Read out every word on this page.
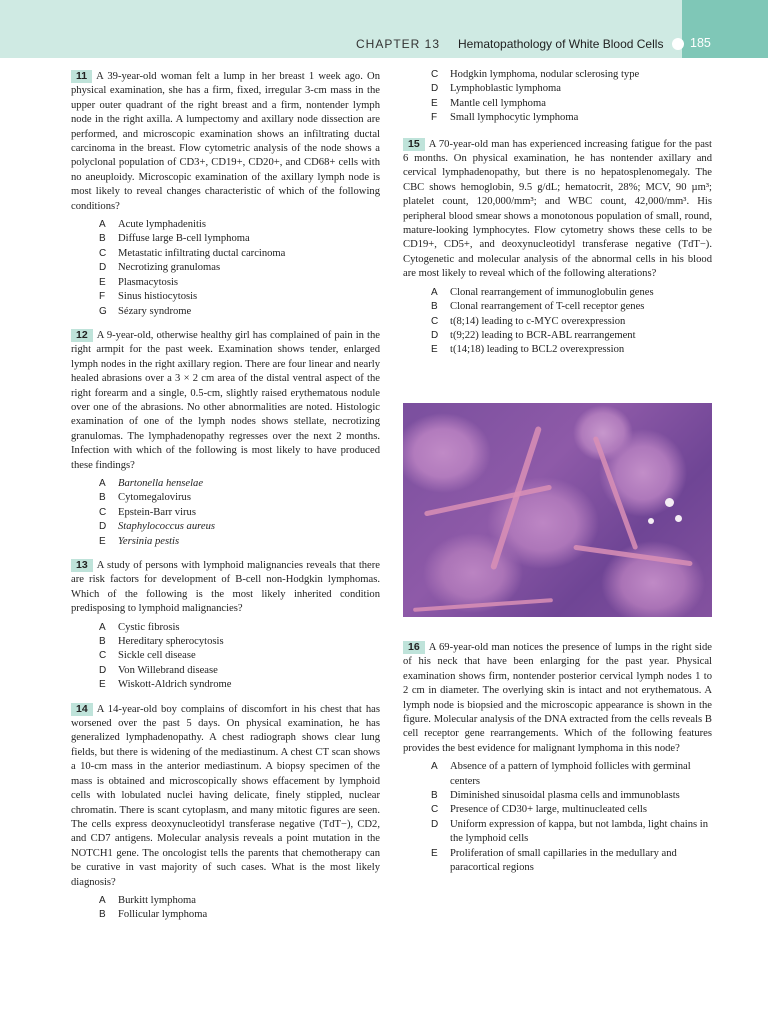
CHAPTER 13 Hematopathology of White Blood Cells 185

11 A 39-year-old woman felt a lump in her breast 1 week ago. On physical examination, she has a firm, fixed, irregular 3-cm mass in the upper outer quadrant of the right breast and a firm, nontender lymph node in the right axilla. A lumpectomy and axillary node dissection are performed, and microscopic examination shows an infiltrating ductal carcinoma in the breast. Flow cytometric analysis of the node shows a polyclonal population of CD3+, CD19+, CD20+, and CD68+ cells with no aneuploidy. Microscopic examination of the axillary lymph node is most likely to reveal changes characteristic of which of the following conditions?

A	Acute lymphadenitis
B	Diffuse large B-cell lymphoma
C	Metastatic infiltrating ductal carcinoma
D	Necrotizing granulomas
E	Plasmacytosis
F	Sinus histiocytosis
G	Sézary syndrome

12 A 9-year-old, otherwise healthy girl has complained of pain in the right armpit for the past week. Examination shows tender, enlarged lymph nodes in the right axillary region. There are four linear and nearly healed abrasions over a 3 × 2 cm area of the distal ventral aspect of the right forearm and a single, 0.5-cm, slightly raised erythematous nodule over one of the abrasions. No other abnormalities are noted. Histologic examination of one of the lymph nodes shows stellate, necrotizing granulomas. The lymphadenopathy regresses over the next 2 months. Infection with which of the following is most likely to have produced these findings?

A	Bartonella henselae
B	Cytomegalovirus
C	Epstein-Barr virus
D	Staphylococcus aureus
E	Yersinia pestis

13 A study of persons with lymphoid malignancies reveals that there are risk factors for development of B-cell non-Hodgkin lymphomas. Which of the following is the most likely inherited condition predisposing to lymphoid malignancies?

A	Cystic fibrosis
B	Hereditary spherocytosis
C	Sickle cell disease
D	Von Willebrand disease
E	Wiskott-Aldrich syndrome

14 A 14-year-old boy complains of discomfort in his chest that has worsened over the past 5 days. On physical examination, he has generalized lymphadenopathy. A chest radiograph shows clear lung fields, but there is widening of the mediastinum. A chest CT scan shows a 10-cm mass in the anterior mediastinum. A biopsy specimen of the mass is obtained and microscopically shows effacement by lymphoid cells with lobulated nuclei having delicate, finely stippled, nuclear chromatin. There is scant cytoplasm, and many mitotic figures are seen. The cells express deoxynucleotidyl transferase negative (TdT−), CD2, and CD7 antigens. Molecular analysis reveals a point mutation in the NOTCH1 gene. The oncologist tells the parents that chemotherapy can be curative in vast majority of such cases. What is the most likely diagnosis?

A	Burkitt lymphoma
B	Follicular lymphoma
C	Hodgkin lymphoma, nodular sclerosing type
D	Lymphoblastic lymphoma
E	Mantle cell lymphoma
F	Small lymphocytic lymphoma

15 A 70-year-old man has experienced increasing fatigue for the past 6 months. On physical examination, he has nontender axillary and cervical lymphadenopathy, but there is no hepatosplenomegaly. The CBC shows hemoglobin, 9.5 g/dL; hematocrit, 28%; MCV, 90 µm³; platelet count, 120,000/mm³; and WBC count, 42,000/mm³. His peripheral blood smear shows a monotonous population of small, round, mature-looking lymphocytes. Flow cytometry shows these cells to be CD19+, CD5+, and deoxynucleotidyl transferase negative (TdT−). Cytogenetic and molecular analysis of the abnormal cells in his blood are most likely to reveal which of the following alterations?

A	Clonal rearrangement of immunoglobulin genes
B	Clonal rearrangement of T-cell receptor genes
C	t(8;14) leading to c-MYC overexpression
D	t(9;22) leading to BCR-ABL rearrangement
E	t(14;18) leading to BCL2 overexpression

16 A 69-year-old man notices the presence of lumps in the right side of his neck that have been enlarging for the past year. Physical examination shows firm, nontender posterior cervical lymph nodes 1 to 2 cm in diameter. The overlying skin is intact and not erythematous. A lymph node is biopsied and the microscopic appearance is shown in the figure. Molecular analysis of the DNA extracted from the cells reveals B cell receptor gene rearrangements. Which of the following features provides the best evidence for malignant lymphoma in this node?

A	Absence of a pattern of lymphoid follicles with germinal centers
B	Diminished sinusoidal plasma cells and immunoblasts
C	Presence of CD30+ large, multinucleated cells
D	Uniform expression of kappa, but not lambda, light chains in the lymphoid cells
E	Proliferation of small capillaries in the medullary and paracortical regions
